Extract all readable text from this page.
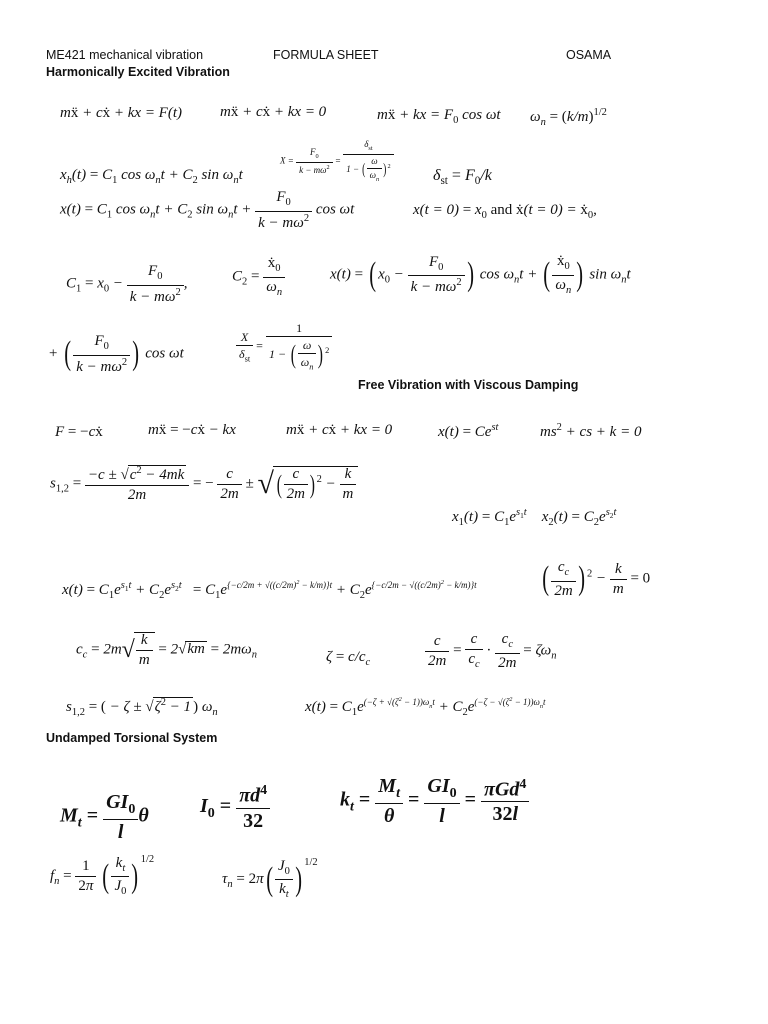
ME421 mechanical vibration	FORMULA SHEET	OSAMA
Harmonically Excited Vibration
mẍ + cẋ + kx = F(t)	mẍ + cẋ + kx = 0	mẍ + kx = $F_0$ cos ωt $\omega_n = (k/m)^{1/2}$
$X = \frac{F_0}{k - m\omega^2}$ =
$\delta_{st}$
1 − ( $\frac{\omega}{\omega_n} )^2$
$x_h(t) = C_1$ $\cos \omega_nt + C_2$ $\sin \omega_nt$	$\delta_{st} = F_0/k$
$x(t) = C_1$ $\cos \omega_nt + C_2$ $\sin \omega_nt + \frac{F_0}{k - m\omega^2}$ cos ωt	$x(t = 0) = x_0$ and ẋ(t = 0) = ẋ$_0$,
$C_1 = x_0 - \frac{F_0}{k - m\omega^2}$ ,	$C_2 = \frac{ẋ_0}{\omega_n}$	x(t) = ( $x_0 - \frac{F_0}{k - m\omega^2}$ ) $\cos \omega_nt$ + ( $\frac{ẋ_0}{\omega_n}$ ) $\sin \omega_nt$
+ ( $\frac{F_0}{k - m\omega^2}$ ) cos ωt
X
$\delta_{st}$
=
1
1 − ( $\frac{\omega}{\omega_n}$ ) $^2$
Free Vibration with Viscous Damping
F = −cẋ	mẍ = −cẋ − kx	mẍ + cẋ + kx = 0	$x(t) = Ce^{st}$	$ms^2$ + cs + k = 0
$s_{1,2} = \frac{-c \pm √c^2 - 4mk}{2m}$ = − $\frac{c}{2m}$ ± √ ( $\frac{c}{2m}$ ) $^2 - \frac{k}{m}$
$x_1(t) = C_1e^{s_1t}$    $x_2(t) = C_2e^{s_2t}$
$x(t) = C_1e^{s_1t} + C_2e^{s_2t} = C_1e^{\{-c/2m + √((c/2m)^2 - k/m)\}t} + C_2e^{\{-c/2m - √((c/2m)^2 - k/m)\}t}$ ( $\frac{c_c}{2m}$ ) $^2 - \frac{k}{m} = 0$
$c_c = 2m√ \frac{k}{m} = 2√km = 2m\omega_n$	$\zeta = c/c_c$	$\frac{c}{2m} = \frac{c}{c_c} \cdot \frac{c_c}{2m} = \zeta\omega_n$
$s_{1,2}$ = ( − $\zeta \pm √\zeta^2 - 1$ ) $\omega_n$	$x(t) = C_1e^{(-\zeta + √(\zeta^2 - 1))\omega_nt} + C_2e^{(-\zeta - √(\zeta^2 - 1))\omega_nt}$
Undamped Torsional System
$M_t = \frac{GI_0}{l}$ θ	$I_0 = \frac{\pi d^4}{32}$	$k_t = \frac{M_t}{\theta} = \frac{GI_0}{l} = \pi Gd^4$
32l
$f_n = \frac{1}{2\pi}$ ( $\frac{k_t}{J_0}$ ) $^{1/2}$
$\tau_n = 2\pi( \frac{J_0}{k_t}$ ) $^{1/2}$
